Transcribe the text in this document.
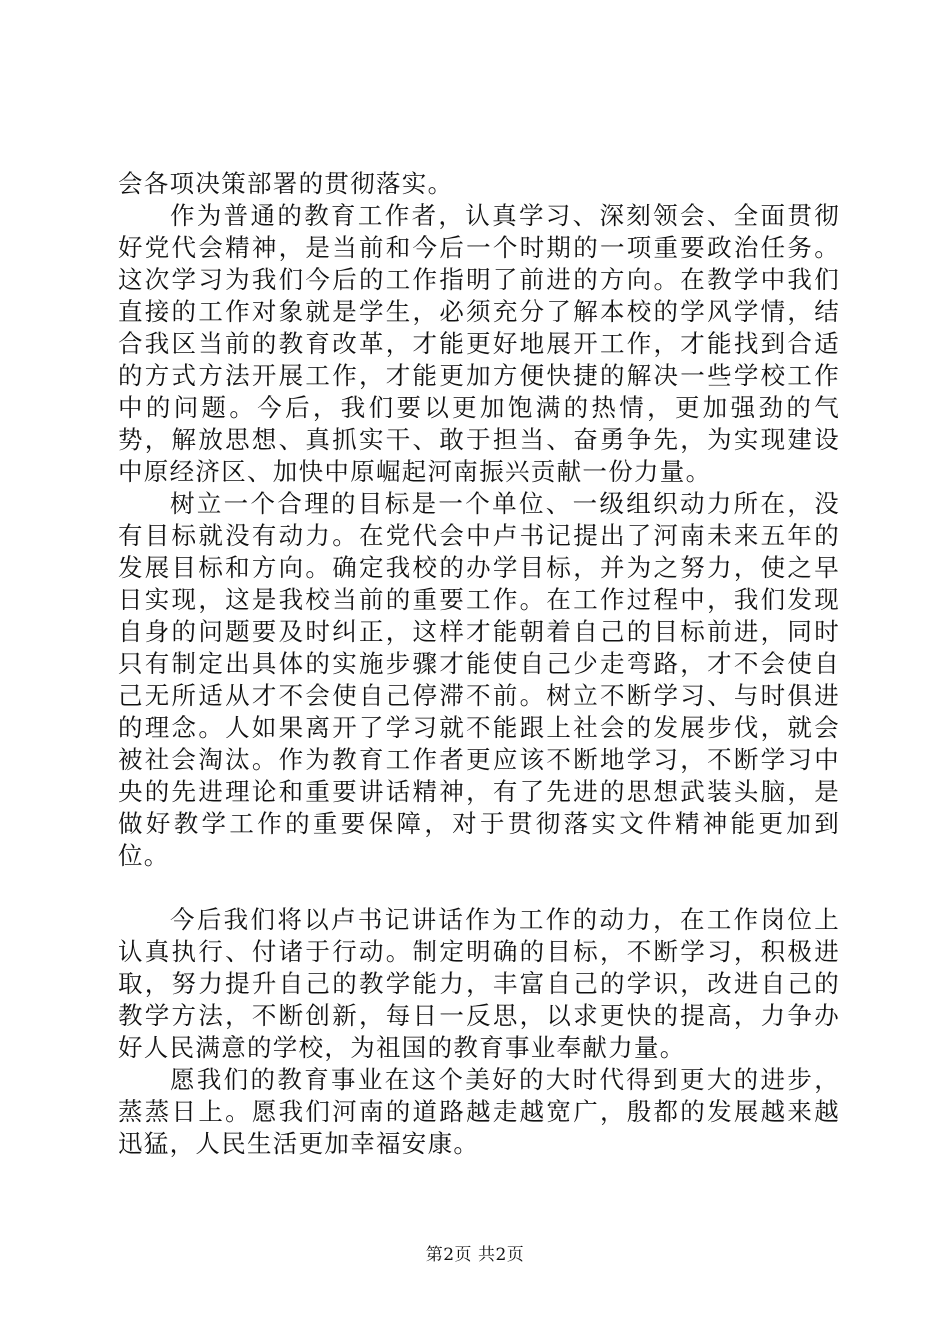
会各项决策部署的贯彻落实。

作为普通的教育工作者，认真学习、深刻领会、全面贯彻好党代会精神，是当前和今后一个时期的一项重要政治任务。这次学习为我们今后的工作指明了前进的方向。在教学中我们直接的工作对象就是学生，必须充分了解本校的学风学情，结合我区当前的教育改革，才能更好地展开工作，才能找到合适的方式方法开展工作，才能更加方便快捷的解决一些学校工作中的问题。今后，我们要以更加饱满的热情，更加强劲的气势，解放思想、真抓实干、敢于担当、奋勇争先，为实现建设中原经济区、加快中原崛起河南振兴贡献一份力量。

树立一个合理的目标是一个单位、一级组织动力所在，没有目标就没有动力。在党代会中卢书记提出了河南未来五年的发展目标和方向。确定我校的办学目标，并为之努力，使之早日实现，这是我校当前的重要工作。在工作过程中，我们发现自身的问题要及时纠正，这样才能朝着自己的目标前进，同时只有制定出具体的实施步骤才能使自己少走弯路，才不会使自己无所适从才不会使自己停滞不前。树立不断学习、与时俱进的理念。人如果离开了学习就不能跟上社会的发展步伐，就会被社会淘汰。作为教育工作者更应该不断地学习，不断学习中央的先进理论和重要讲话精神，有了先进的思想武装头脑，是做好教学工作的重要保障，对于贯彻落实文件精神能更加到位。

今后我们将以卢书记讲话作为工作的动力，在工作岗位上认真执行、付诸于行动。制定明确的目标，不断学习，积极进取，努力提升自己的教学能力，丰富自己的学识，改进自己的教学方法，不断创新，每日一反思，以求更快的提高，力争办好人民满意的学校，为祖国的教育事业奉献力量。

愿我们的教育事业在这个美好的大时代得到更大的进步，蒸蒸日上。愿我们河南的道路越走越宽广，殷都的发展越来越迅猛，人民生活更加幸福安康。

第2页 共2页
